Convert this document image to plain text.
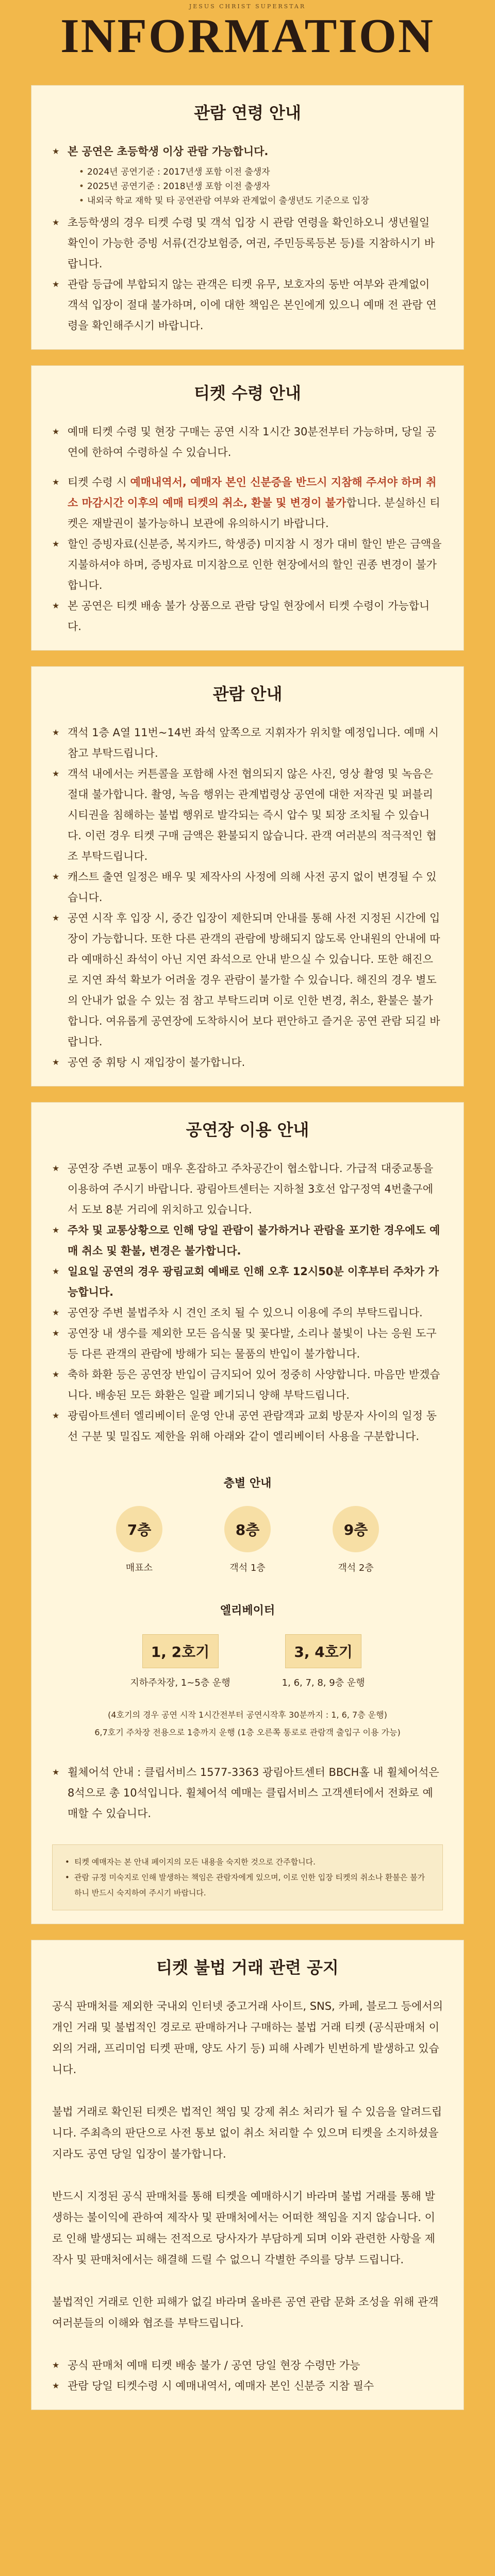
JESUS CHRIST SUPERSTAR
INFORMATION
관람 연령 안내
★ 본 공연은 초등학생 이상 관람 가능합니다.
• 2024년 공연기준 : 2017년생 포함 이전 출생자
• 2025년 공연기준 : 2018년생 포함 이전 출생자
• 내외국 학교 재학 및 타 공연관람 여부와 관계없이 출생년도 기준으로 입장
★ 초등학생의 경우 티켓 수령 및 객석 입장 시 관람 연령을 확인하오니 생년월일 확인이 가능한 증빙 서류(건강보험증, 여권, 주민등록등본 등)를 지참하시기 바랍니다.
★ 관람 등급에 부합되지 않는 관객은 티켓 유무, 보호자의 동반 여부와 관계없이 객석 입장이 절대 불가하며, 이에 대한 책임은 본인에게 있으니 예매 전 관람 연령을 확인해주시기 바랍니다.
티켓 수령 안내
★ 예매 티켓 수령 및 현장 구매는 공연 시작 1시간 30분전부터 가능하며, 당일 공연에 한하여 수령하실 수 있습니다.
★ 티켓 수령 시 예매내역서, 예매자 본인 신분증을 반드시 지참해 주셔야 하며 취소 마감시간 이후의 예매 티켓의 취소, 환불 및 변경이 불가합니다. 분실하신 티켓은 재발권이 불가능하니 보관에 유의하시기 바랍니다.
★ 할인 증빙자료(신분증, 복지카드, 학생증) 미지참 시 정가 대비 할인 받은 금액을 지불하셔야 하며, 증빙자료 미지참으로 인한 현장에서의 할인 권종 변경이 불가합니다.
★ 본 공연은 티켓 배송 불가 상품으로 관람 당일 현장에서 티켓 수령이 가능합니다.
관람 안내
★ 객석 1층 A열 11번~14번 좌석 앞쪽으로 지휘자가 위치할 예정입니다. 예매 시 참고 부탁드립니다.
★ 객석 내에서는 커튼콜을 포함해 사전 협의되지 않은 사진, 영상 촬영 및 녹음은 절대 불가합니다. 촬영, 녹음 행위는 관계법령상 공연에 대한 저작권 및 퍼블리시티권을 침해하는 불법 행위로 발각되는 즉시 압수 및 퇴장 조치될 수 있습니다. 이런 경우 티켓 구매 금액은 환불되지 않습니다. 관객 여러분의 적극적인 협조 부탁드립니다.
★ 캐스트 출연 일정은 배우 및 제작사의 사정에 의해 사전 공지 없이 변경될 수 있습니다.
★ 공연 시작 후 입장 시, 중간 입장이 제한되며 안내를 통해 사전 지정된 시간에 입장이 가능합니다. 또한 다른 관객의 관람에 방해되지 않도록 안내원의 안내에 따라 예매하신 좌석이 아닌 지연 좌석으로 안내 받으실 수 있습니다. 또한 해진으로 지연 좌석 확보가 어려울 경우 관람이 불가할 수 있습니다. 해진의 경우 별도의 안내가 없을 수 있는 점 참고 부탁드리며 이로 인한 변경, 취소, 환불은 불가합니다. 여유롭게 공연장에 도착하시어 보다 편안하고 즐거운 공연 관람 되길 바랍니다.
★ 공연 중 휘탕 시 재입장이 불가합니다.
공연장 이용 안내
★ 공연장 주변 교통이 매우 혼잡하고 주차공간이 협소합니다. 가급적 대중교통을 이용하여 주시기 바랍니다. 광림아트센터는 지하철 3호선 압구정역 4번출구에서 도보 8분 거리에 위치하고 있습니다.
★ 주차 및 교통상황으로 인해 당일 관람이 불가하거나 관람을 포기한 경우에도 예매 취소 및 환불, 변경은 불가합니다.
★ 일요일 공연의 경우 광림교회 예배로 인해 오후 12시50분 이후부터 주차가 가능합니다.
★ 공연장 주변 불법주차 시 견인 조치 될 수 있으니 이용에 주의 부탁드립니다.
★ 공연장 내 생수를 제외한 모든 음식물 및 꽃다발, 소리나 불빛이 나는 응원 도구 등 다른 관객의 관람에 방해가 되는 물품의 반입이 불가합니다.
★ 축하 화환 등은 공연장 반입이 금지되어 있어 정중히 사양합니다. 마음만 받겠습니다. 배송된 모든 화환은 일괄 폐기되니 양해 부탁드립니다.
★ 광림아트센터 엘리베이터 운영 안내 공연 관람객과 교회 방문자 사이의 일정 동선 구분 및 밀집도 제한을 위해 아래와 같이 엘리베이터 사용을 구분합니다.
층별 안내
7층
매표소
8층
객석 1층
9층
객석 2층
엘리베이터
1, 2호기
지하주차장, 1~5층 운행
3, 4호기
1, 6, 7, 8, 9층 운행
(4호기의 경우 공연 시작 1시간전부터 공연시작후 30분까지 : 1, 6, 7층 운행)
6,7호기 주차장 전용으로 1층까지 운행 (1층 오른쪽 통로로 관람객 출입구 이용 가능)
★ 휠체어석 안내 : 클립서비스 1577-3363 광림아트센터 BBCH홀 내 휠체어석은 8석으로 총 10석입니다. 휠체어석 예매는 클립서비스 고객센터에서 전화로 예매할 수 있습니다.
• 티켓 예매자는 본 안내 페이지의 모든 내용을 숙지한 것으로 간주합니다.
• 관람 규정 미숙지로 인해 발생하는 책임은 관람자에게 있으며, 이로 인한 입장 티켓의 취소나 환불은 불가하니 반드시 숙지하여 주시기 바랍니다.
티켓 불법 거래 관련 공지

공식 판매처를 제외한 국내외 인터넷 중고거래 사이트, SNS, 카페, 블로그 등에서의 개인 거래 및 불법적인 경로로 판매하거나 구매하는 불법 거래 티켓 (공식판매처 이외의 거래, 프리미엄 티켓 판매, 양도 사기 등) 피해 사례가 빈번하게 발생하고 있습니다.

불법 거래로 확인된 티켓은 법적인 책임 및 강제 취소 처리가 될 수 있음을 알려드립니다. 주최측의 판단으로 사전 통보 없이 취소 처리할 수 있으며 티켓을 소지하셨을 지라도 공연 당일 입장이 불가합니다.

반드시 지정된 공식 판매처를 통해 티켓을 예매하시기 바라며 불법 거래를 통해 발생하는 불이익에 관하여 제작사 및 판매처에서는 어떠한 책임을 지지 않습니다. 이로 인해 발생되는 피해는 전적으로 당사자가 부담하게 되며 이와 관련한 사항을 제작사 및 판매처에서는 해결해 드릴 수 없으니 각별한 주의를 당부 드립니다.

불법적인 거래로 인한 피해가 없길 바라며 올바른 공연 관람 문화 조성을 위해 관객 여러분들의 이해와 협조를 부탁드립니다.

★ 공식 판매처 예매 티켓 배송 불가 / 공연 당일 현장 수령만 가능
★ 관람 당일 티켓수령 시 예매내역서, 예매자 본인 신분증 지참 필수
